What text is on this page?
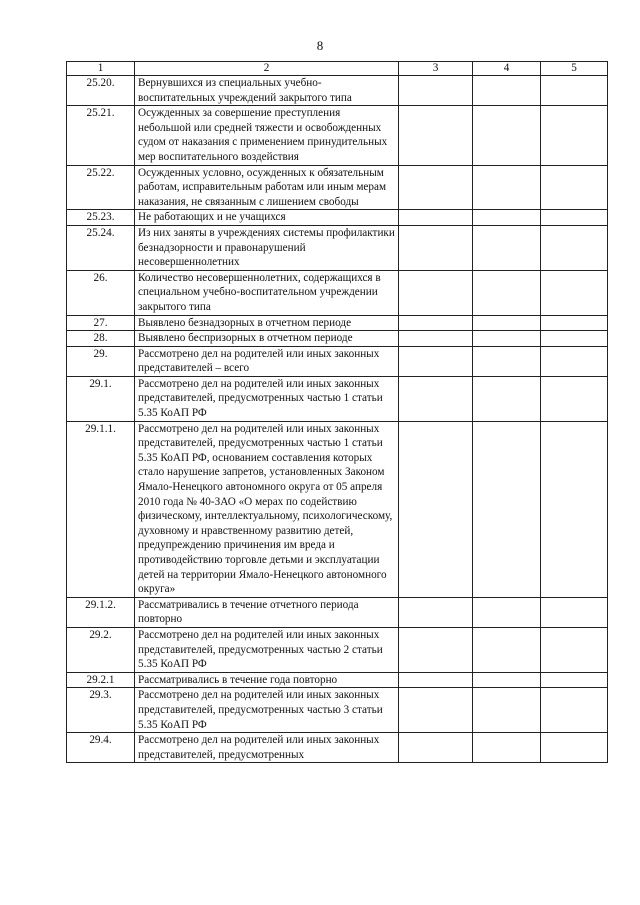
8
1	2	3	4	5
25.20.	Вернувшихся из специальных учебно-воспитательных учреждений закрытого типа			
25.21.	Осужденных за совершение преступления небольшой или средней тяжести и освобожденных судом от наказания с применением принудительных мер воспитательного воздействия			
25.22.	Осужденных условно, осужденных к обязательным работам, исправительным работам или иным мерам наказания, не связанным с лишением свободы			
25.23.	Не работающих и не учащихся			
25.24.	Из них заняты в учреждениях системы профилактики безнадзорности и правонарушений несовершеннолетних			
26.	Количество несовершеннолетних, содержащихся в специальном учебно-воспитательном учреждении закрытого типа			
27.	Выявлено безнадзорных в отчетном периоде			
28.	Выявлено беспризорных в отчетном периоде			
29.	Рассмотрено дел на родителей или иных законных представителей – всего			
29.1.	Рассмотрено дел на родителей или иных законных представителей, предусмотренных частью 1 статьи 5.35 КоАП РФ			
29.1.1.	Рассмотрено дел на родителей или иных законных представителей, предусмотренных частью 1 статьи 5.35 КоАП РФ, основанием составления которых стало нарушение запретов, установленных Законом Ямало-Ненецкого автономного округа от 05 апреля 2010 года № 40-ЗАО «О мерах по содействию физическому, интеллектуальному, психологическому, духовному и нравственному развитию детей, предупреждению причинения им вреда и противодействию торговле детьми и эксплуатации детей на территории Ямало-Ненецкого автономного округа»			
29.1.2.	Рассматривались в течение отчетного периода повторно			
29.2.	Рассмотрено дел на родителей или иных законных представителей, предусмотренных частью 2 статьи 5.35 КоАП РФ			
29.2.1	Рассматривались в течение года повторно			
29.3.	Рассмотрено дел на родителей или иных законных представителей, предусмотренных частью 3 статьи 5.35 КоАП РФ			
29.4.	Рассмотрено дел на родителей или иных законных представителей, предусмотренных			
